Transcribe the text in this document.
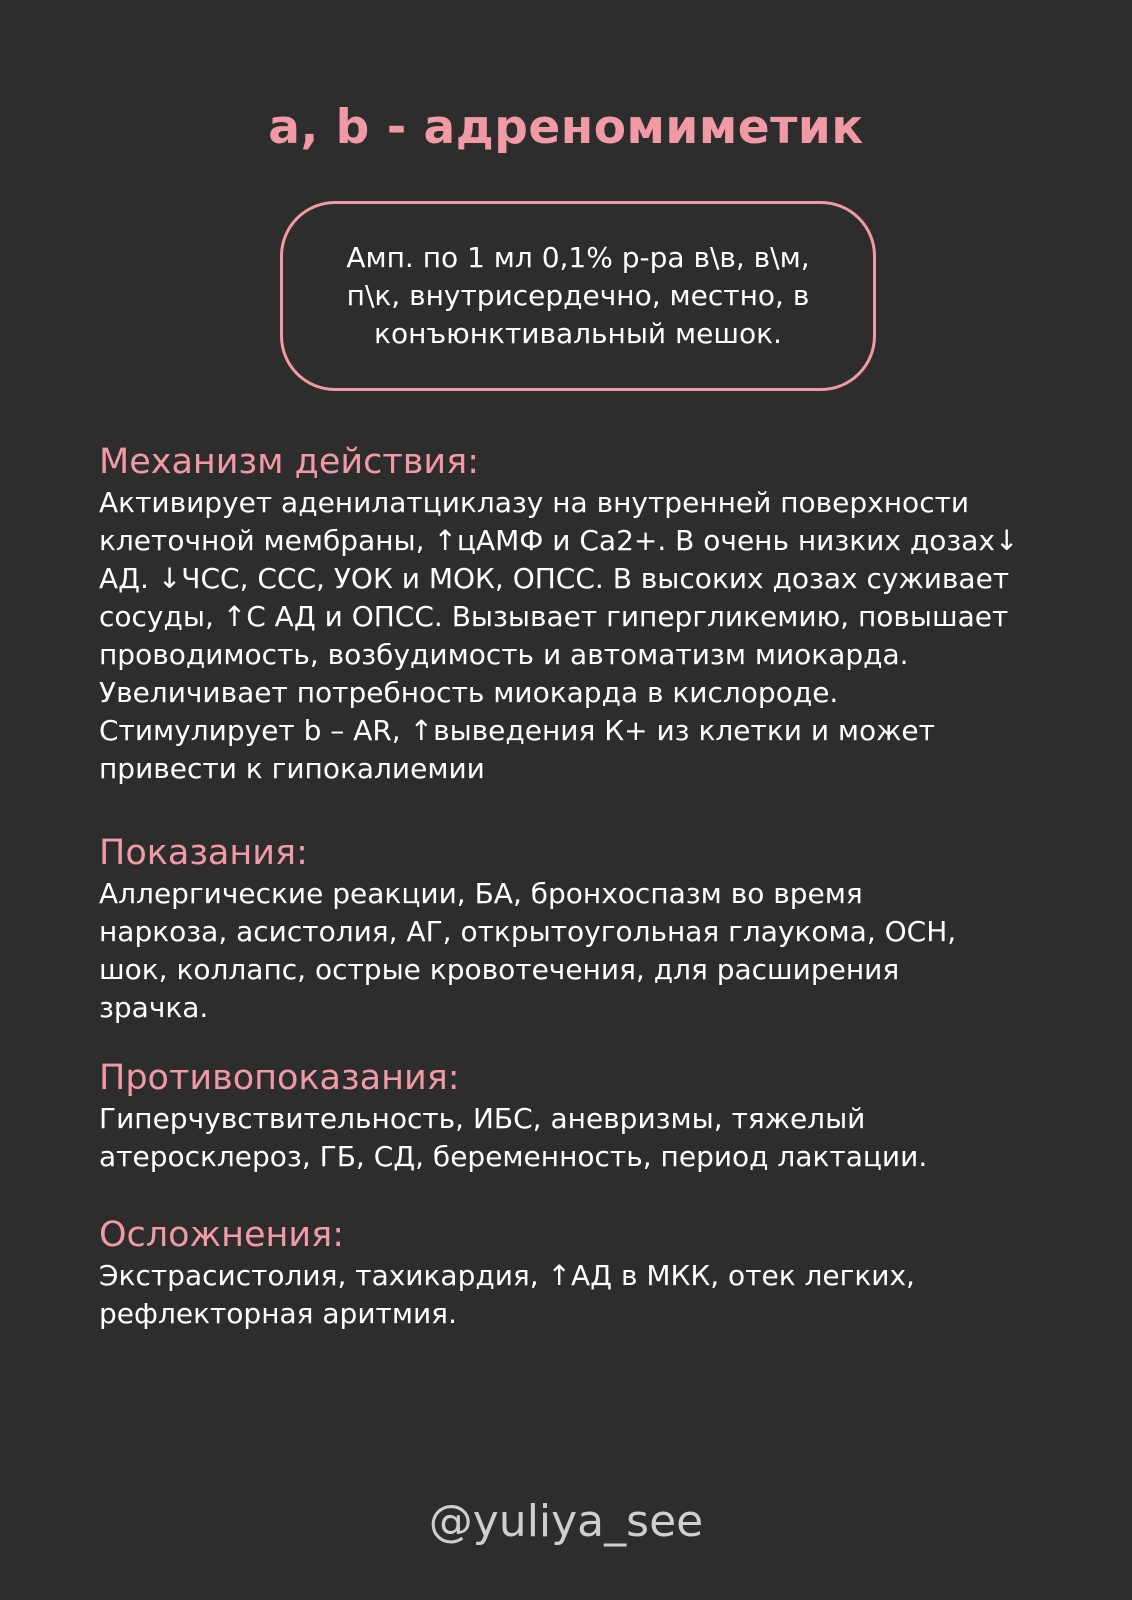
a, b - адреномиметик
Амп. по 1 мл 0,1% р-ра в\в, в\м,
п\к, внутрисердечно, местно, в
конъюнктивальный мешок.
Механизм действия:

Активирует аденилатциклазу на внутренней поверхности
клеточной мембраны, ↑цАМФ и Са2+. В очень низких дозах↓
АД. ↓ЧСС, ССС, УОК и МОК, ОПСС. В высоких дозах суживает
сосуды, ↑С АД и ОПСС. Вызывает гипергликемию, повышает
проводимость, возбудимость и автоматизм миокарда.
Увеличивает потребность миокарда в кислороде.
Стимулирует b – AR, ↑выведения К+ из клетки и может
привести к гипокалиемии

Показания:

Аллергические реакции, БА, бронхоспазм во время
наркоза, асистолия, АГ, открытоугольная глаукома, ОСН,
шок, коллапс, острые кровотечения, для расширения
зрачка.

Противопоказания:

Гиперчувствительность, ИБС, аневризмы, тяжелый
атеросклероз, ГБ, СД, беременность, период лактации.

Осложнения:

Экстрасистолия, тахикардия, ↑АД в МКК, отек легких,
рефлекторная аритмия.

@yuliya_see
